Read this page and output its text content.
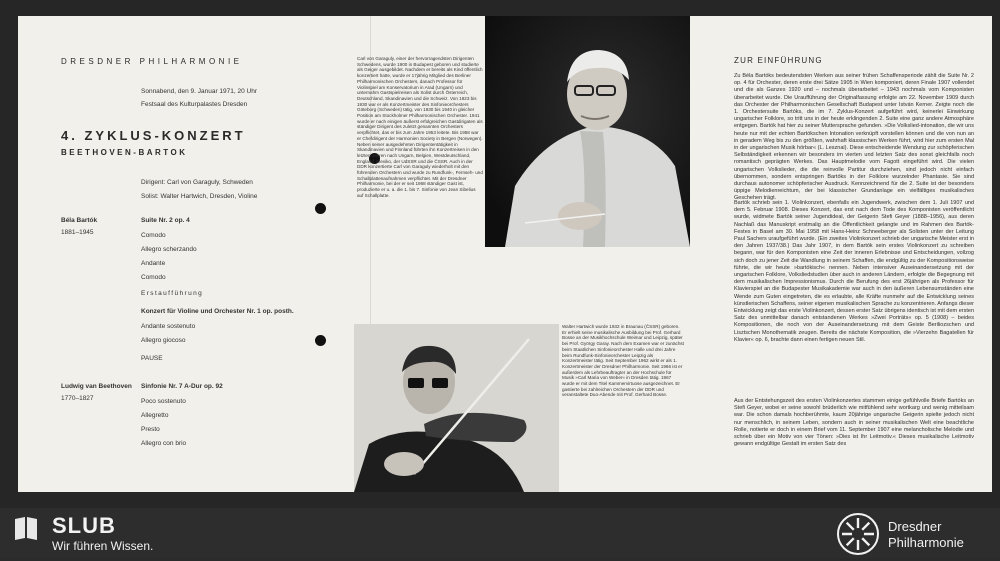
DRESDNER PHILHARMONIE
Sonnabend, den 9. Januar 1971, 20 Uhr
Festsaal des Kulturpalastes Dresden
4. ZYKLUS-KONZERT
BEETHOVEN-BARTOK
Dirigent: Carl von Garaguly, Schweden
Solist: Walter Hartwich, Dresden, Violine
Béla Bartók
1881–1945
Suite Nr. 2 op. 4
Comodo
Allegro scherzando
Andante
Comodo
Erstaufführung
Konzert für Violine und Orchester Nr. 1 op. posth.
Andante sostenuto
Allegro giocoso
PAUSE
Ludwig van Beethoven
1770–1827
Sinfonie Nr. 7 A-Dur op. 92
Poco sostenuto
Allegretto
Presto
Allegro con brio
Carl von Garaguly, einer der hervorragendsten Dirigenten Schwedens, wurde 1900 in Budapest geboren und studierte als Geiger ausgebildet. Nachdem er bereits als Kind öffentlich konzertiert hatte, wurde er 17jährig Mitglied des Berliner Philharmonischen Orchesters, danach Professor für Violinspiel am Konservatorium in Arad (Ungarn) und unternahm Gastspielreisen als Solist durch Österreich, Deutschland, Skandinavien und die Schweiz. Von 1923 bis 1930 war er als Konzertmeister des Sinfonieorchesters Göteborg (Schweden) tätig, von 1930 bis 1940 in gleicher Position am Stockholmer Philharmonischen Orchester. 1941 wurde er nach einigen äußerst erfolgreichen Gastdirigaten als ständiger Dirigent des zuletzt genannten Orchesters verpflichtet, das er bis zum Jahre 1953 leitete. Bis 1958 war er Chefdirigent der Harmonien Society in Bergen (Norwegen). Neben seiner ausgedehnten Dirigententätigkeit in Skandinavien und Finnland führten ihn Konzertreisen in den letzten Jahren nach Ungarn, Belgien, Westdeutschland, England, Mexiko, der UdSSR und die ČSSR. Auch in der DDR konzertierte Carl von Garaguly wiederholt mit den führenden Orchestern und wurde zu Rundfunk-, Fernseh- und Schallplattenaufnahmen verpflichtet. Mit der Dresdner Philharmonie, bei der er seit 1968 ständiger Gast ist, produzierte er u. a. die 1. bis 7. Sinfonie von Jean Sibelius auf Schallplatte.
Walter Hartwich wurde 1932 in Braunau (ČSSR) geboren. Er erhielt seine musikalische Ausbildung bei Prof. Gerhard Bosse an der Musikhochschule Weimar und Leipzig, später bei Prof. György Garay. Nach dem Examen war er zunächst beim Staatlichen Sinfonieorchester Halle und drei Jahre beim Rundfunk-Sinfonieorchester Leipzig als Konzertmeister tätig. Seit September 1962 wirkt er als 1. Konzertmeister der Dresdner Philharmonie. Seit 1966 ist er außerdem als Lehrbeauftragter an der Hochschule für Musik »Carl Maria von Weber« in Dresden tätig. 1967 wurde er mit dem Titel Kammervirtuose ausgezeichnet. Er gastierte bei zahlreichen Orchestern der DDR und veranstaltete Duo-Abende mit Prof. Gerhard Bosse.
ZUR EINFÜHRUNG
Zu Béla Bartóks bedeutendsten Werken aus seiner frühen Schaffensperiode zählt die Suite Nr. 2 op. 4 für Orchester, deren erste drei Sätze 1905 in Wien komponiert, deren Finale 1907 vollendet und die als Ganzes 1920 und – nochmals überarbeitet – 1943 nochmals vom Komponisten überarbeitet wurde. Die Uraufführung der Originalfassung erfolgte am 22. November 1909 durch das Orchester der Philharmonischen Gesellschaft Budapest unter István Kerner. Zeigte noch die 1. Orchestersuite Bartóks, die im 7. Zyklus-Konzert aufgeführt wird, keinerlei Einwirkung ungarischer Folklore, so tritt uns in der heute erklingenden 2. Suite eine ganz andere Atmosphäre entgegen. Bartók hat hier zu seiner Muttersprache gefunden. »Die Volkslied-intonation, die wir uns heute nur mit der echten Bartókschen Intonation verknüpft vorstellen können und die von nun an in geradem Weg bis zu den größten, wahrhaft klassischen Werken führt, wird hier zum ersten Mal in der ungarischen Musik hörbar« (L. Lesznai). Diese entscheidende Wendung zur schöpferischen Selbständigkeit erkennen wir besonders im vierten und letzten Satz des sonst gleichfalls noch romantisch geprägten Werkes. Das Hauptmelodie vom Fagott eingeführt wird. Die vielen ungarischen Volkslieder, die die reinvolle Partitur durchziehen, sind jedoch nicht einfach übernommen, sondern entspringen Bartóks in der Folklore wurzelnder Phantasie. Sie sind durchaus autonomer schöpferischer Ausdruck. Kennzeichnend für die 2. Suite ist der besonders üppige Melodienreichtum, der bei klassischer Grundanlage ein vielfältiges musikalisches Geschehen trägt.
Bartók schrieb sein 1. Violinkonzert, ebenfalls ein Jugendwerk, zwischen dem 1. Juli 1907 und dem 5. Februar 1908. Dieses Konzert, das erst nach dem Tode des Komponisten veröffentlicht wurde, widmete Bartók seiner Jugendideal, der Geigerin Stefi Geyer (1888–1956), aus deren Nachlaß das Manuskript erstmalig an die Öffentlichkeit gelangte und im Rahmen des Bartók-Festes in Basel am 30. Mai 1958 mit Hans-Heinz Schneeberger als Solisten unter der Leitung Paul Sachers uraufgeführt wurde. (Ein zweites Violinkonzert schrieb der ungarische Meister erst in den Jahren 1937/38.) Das Jahr 1907, in dem Bartók sein erstes Violinkonzert zu schreiben begann, war für den Komponisten eine Zeit der inneren Erlebnisse und Entscheidungen, vollzog sich doch zu jener Zeit die Wandlung in seinem Schaffen, die endgültig zu der Kompositionsweise führte, die wir heute »bartókisch« nennen. Neben intensiver Auseinandersetzung mit der ungarischen Folklore, Volksliedstudien über auch in anderen Ländern, erfolgte die Begegnung mit dem musikalischen Impressionismus. Durch die Berufung des erst 26jährigen als Professor für Klavierspiel an die Budapester Musikakademie war auch in den äußeren Lebensumständen eine Wende zum Guten eingetreten, die es erlaubte, alle Kräfte nunmehr auf die Entwicklung seines künstlerischen Schaffens, seiner eigenen musikalischen Sprache zu konzentrieren. Anfangs dieser Entwicklung zeigt das erste Violinkonzert, dessen erster Satz übrigens identisch ist mit dem ersten Satz des unmittelbar danach entstandenen Werkes »Zwei Porträts« op. 5 (1908) – beides Kompositionen, die noch von der Auseinandersetzung mit dem Geiste Beriliozschen und Lisztschen Monothematik zeugen. Bereits die nächste Komposition, die »Vierzehn Bagatellen für Klavier« op. 6, brachte dann einen fertigen neuen Stil.
Aus der Entstehungszeit des ersten Violinkonzertes stammen einige gefühlvolle Briefe Bartóks an Stefi Geyer, wobei er seine sowohl brüderlich wie mitfühlend sehr wortkarg und wenig mitteilsam war. Die schon damals hochberühmte, kaum 20jährige ungarische Geigerin spielte jedoch nicht nur menschlich, in seinem Leben, sondern auch in seiner musikalischen Welt eine beachtliche Rolle, notierte er doch in einem Brief vom 11. September 1907 eine melancholische Melodie und schrieb über ein Motiv von vier Tönen: »Dies ist Ihr Leitmotiv.« Dieses musikalische Leitmotiv gewann endgültige Gestalt im ersten Satz des
SLUB
Wir führen Wissen.
Dresdner
Philharmonie
